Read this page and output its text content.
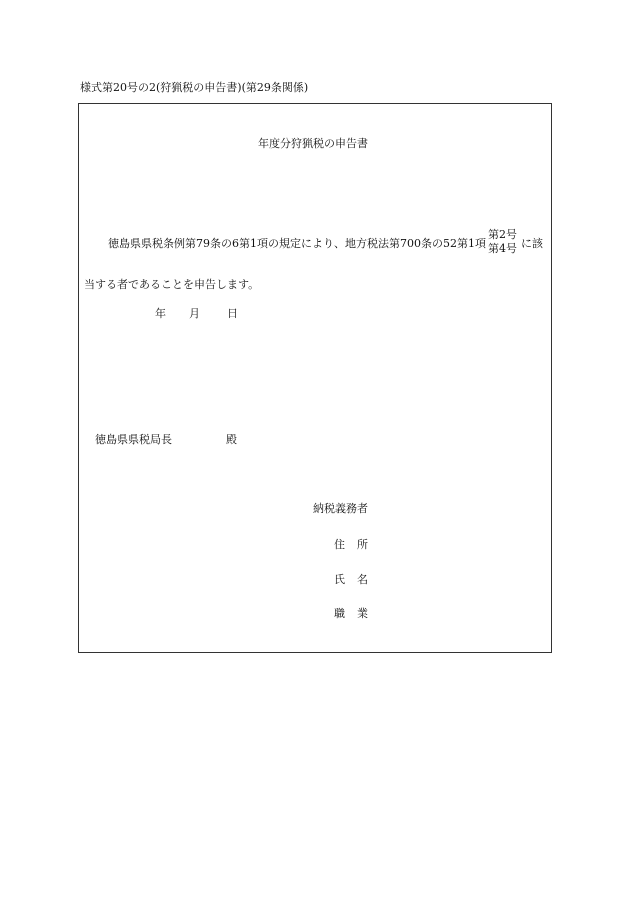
様式第20号の2(狩猟税の申告書)(第29条関係)
年度分狩猟税の申告書
徳島県県税条例第79条の6第1項の規定により、地方税法第700条の52第1項
第2号
第4号 に該
当する者であることを申告します。
年 月 日
徳島県県税局長	殿
納税義務者
住所
氏名
職業
